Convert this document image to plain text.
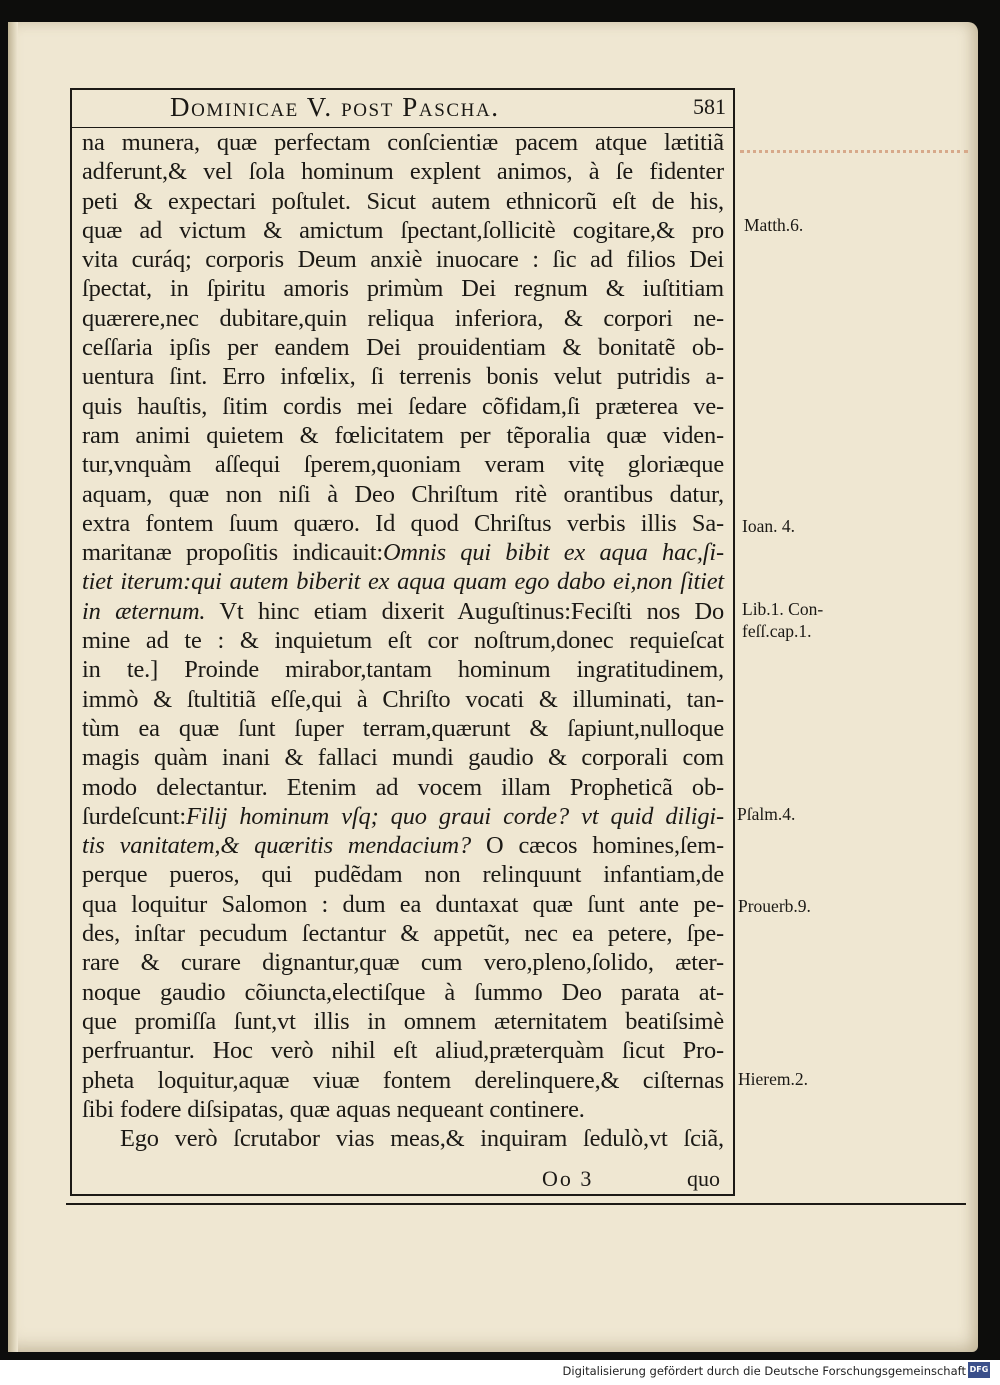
Dominicae V. post Pascha.	581
na munera, quæ perfectam conſcientiæ pacem atque lætitiã
adferunt,& vel ſola hominum explent animos, à ſe fidenter
peti & expectari poſtulet. Sicut autem ethnicorũ eſt de his,
quæ ad victum & amictum ſpectant,ſollicitè cogitare,& pro
vita curáq; corporis Deum anxiè inuocare : ſic ad filios Dei
ſpectat, in ſpiritu amoris primùm Dei regnum & iuſtitiam
quærere,nec dubitare,quin reliqua inferiora, & corpori ne-
ceſſaria ipſis per eandem Dei prouidentiam & bonitatẽ ob-
uentura ſint. Erro infœlix, ſi terrenis bonis velut putridis a-
quis hauſtis, ſitim cordis mei ſedare cõfidam,ſi præterea ve-
ram animi quietem & fœlicitatem per tẽporalia quæ viden-
tur,vnquàm aſſequi ſperem,quoniam veram vitę gloriæque
aquam, quæ non niſi à Deo Chriſtum ritè orantibus datur,
extra fontem ſuum quæro. Id quod Chriſtus verbis illis Sa-
maritanæ propoſitis indicauit:Omnis qui bibit ex aqua hac,ſi-
tiet iterum:qui autem biberit ex aqua quam ego dabo ei,non ſitiet
in æternum. Vt hinc etiam dixerit Auguſtinus:Feciſti nos Do
mine ad te : & inquietum eſt cor noſtrum,donec requieſcat
in te.] Proinde mirabor,tantam hominum ingratitudinem,
immò & ſtultitiã eſſe,qui à Chriſto vocati & illuminati, tan-
tùm ea quæ ſunt ſuper terram,quærunt & ſapiunt,nulloque
magis quàm inani & fallaci mundi gaudio & corporali com
modo delectantur. Etenim ad vocem illam Propheticã ob-
ſurdeſcunt:Filij hominum vſq; quo graui corde? vt quid diligi-
tis vanitatem,& quæritis mendacium? O cæcos homines,ſem-
perque pueros, qui pudẽdam non relinquunt infantiam,de
qua loquitur Salomon : dum ea duntaxat quæ ſunt ante pe-
des, inſtar pecudum ſectantur & appetũt, nec ea petere, ſpe-
rare & curare dignantur,quæ cum vero,pleno,ſolido, æter-
noque gaudio cõiuncta,electiſque à ſummo Deo parata at-
que promiſſa ſunt,vt illis in omnem æternitatem beatiſsimè
perfruantur. Hoc verò nihil eſt aliud,præterquàm ſicut Pro-
pheta loquitur,aquæ viuæ fontem derelinquere,& ciſternas
ſibi fodere diſsipatas, quæ aquas nequeant continere.
Ego verò ſcrutabor vias meas,& inquiram ſedulò,vt ſciã,
Matth.6.
Ioan. 4.
Lib.1. Con-
feſſ.cap.1.
Pſalm.4.
Prouerb.9.
Hierem.2.
Oo 3	quo
Digitalisierung gefördert durch die Deutsche Forschungsgemeinschaft DFG
